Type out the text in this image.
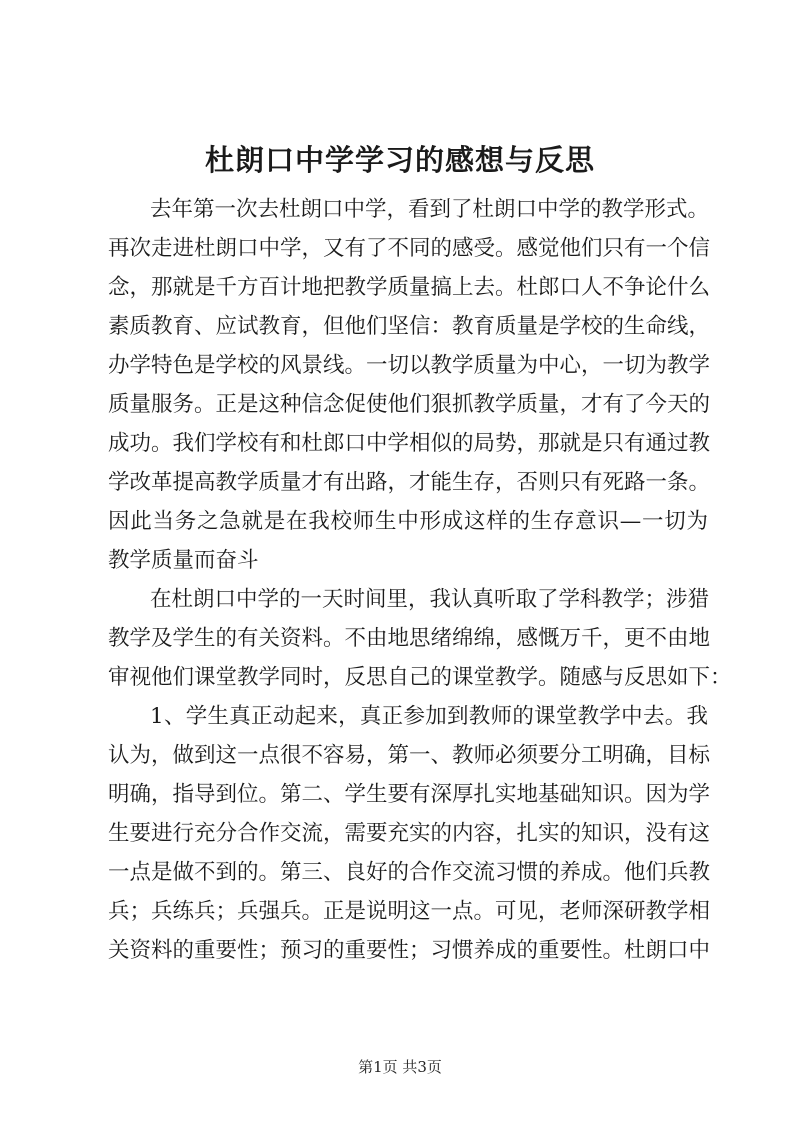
杜朗口中学学习的感想与反思
去年第一次去杜朗口中学，看到了杜朗口中学的教学形式。
再次走进杜朗口中学，又有了不同的感受。感觉他们只有一个信
念，那就是千方百计地把教学质量搞上去。杜郎口人不争论什么
素质教育、应试教育，但他们坚信：教育质量是学校的生命线，
办学特色是学校的风景线。一切以教学质量为中心，一切为教学
质量服务。正是这种信念促使他们狠抓教学质量，才有了今天的
成功。我们学校有和杜郎口中学相似的局势，那就是只有通过教
学改革提高教学质量才有出路，才能生存，否则只有死路一条。
因此当务之急就是在我校师生中形成这样的生存意识—一切为
教学质量而奋斗
在杜朗口中学的一天时间里，我认真听取了学科教学；涉猎
教学及学生的有关资料。不由地思绪绵绵，感慨万千，更不由地
审视他们课堂教学同时，反思自己的课堂教学。随感与反思如下：
1、学生真正动起来，真正参加到教师的课堂教学中去。我
认为，做到这一点很不容易，第一、教师必须要分工明确，目标
明确，指导到位。第二、学生要有深厚扎实地基础知识。因为学
生要进行充分合作交流，需要充实的内容，扎实的知识，没有这
一点是做不到的。第三、良好的合作交流习惯的养成。他们兵教
兵；兵练兵；兵强兵。正是说明这一点。可见，老师深研教学相
关资料的重要性；预习的重要性；习惯养成的重要性。杜朗口中
第1页 共3页
